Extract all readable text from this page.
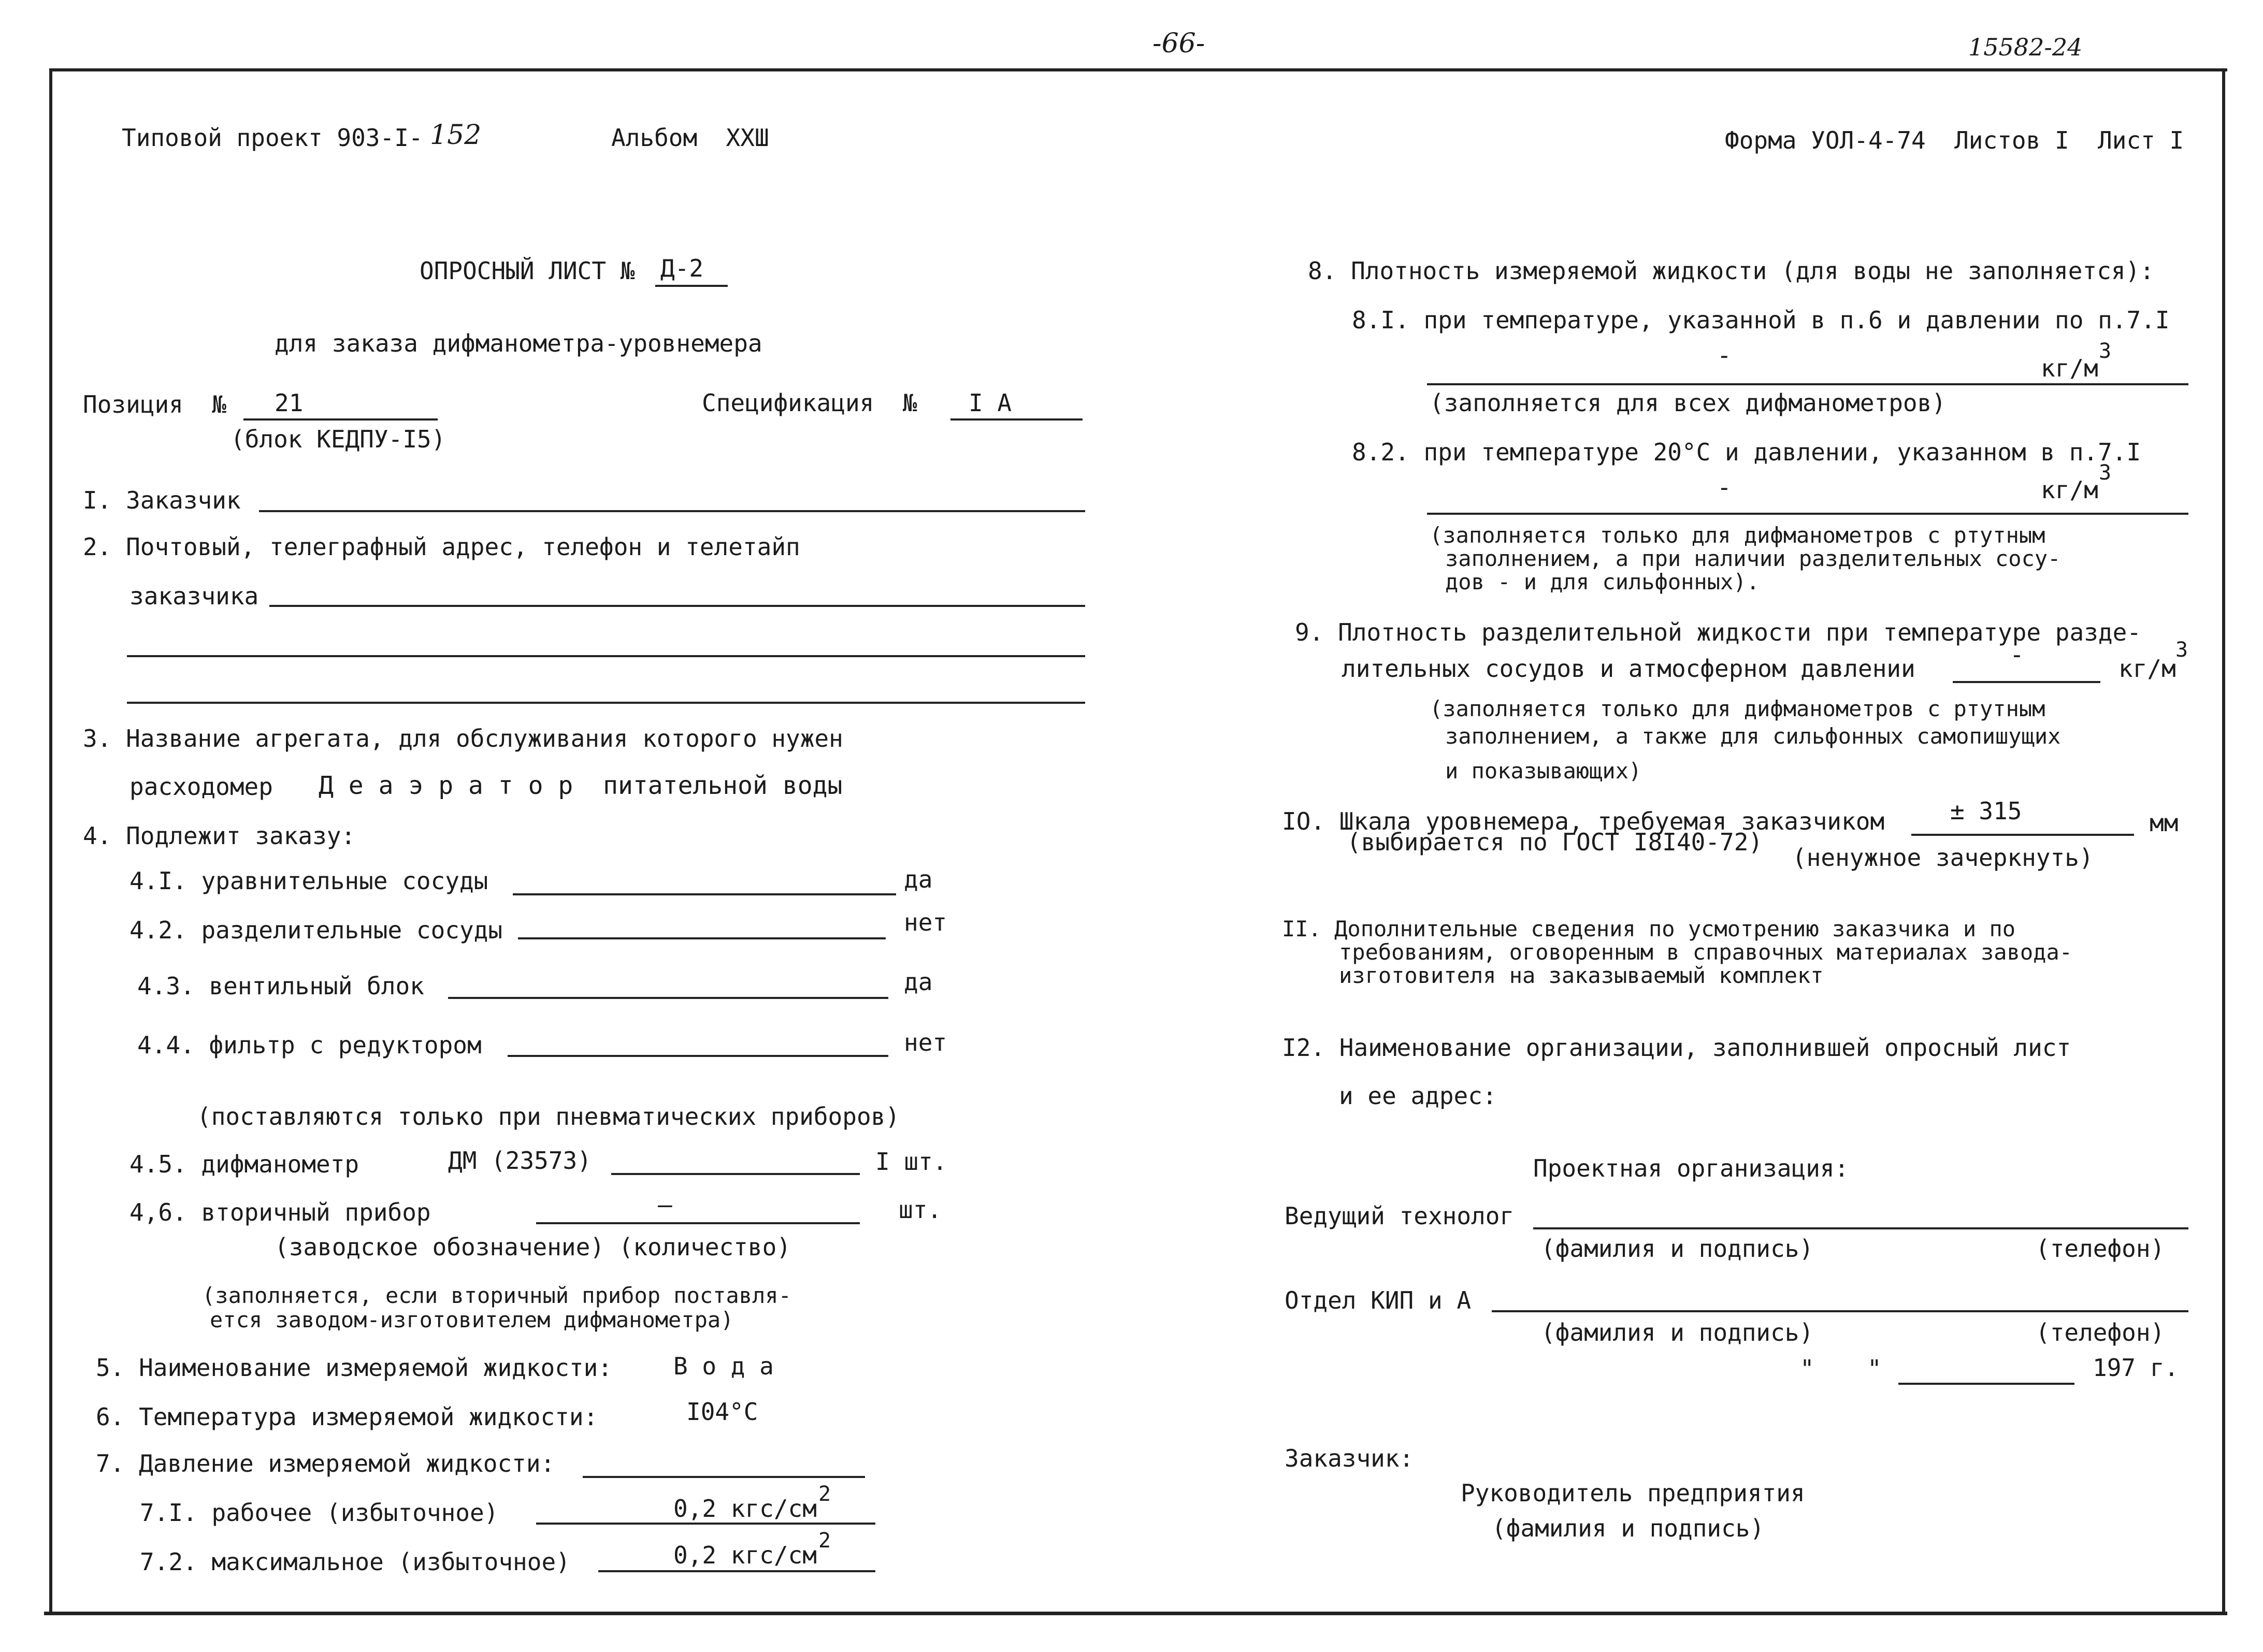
-66-	15582-24
Типовой проект 903-I- 152	Альбом  XXШ	Форма УОЛ-4-74  Листов I  Лист I
ОПРОСНЫЙ ЛИСТ № Д-2
для заказа дифманометра-уровнемера
Позиция  № 21
(блок КЕДПУ-I5)
Спецификация  № I А
I. Заказчик
2. Почтовый, телеграфный адрес, телефон и телетайп
заказчика
3. Название агрегата, для обслуживания которого нужен
расходомер Д е а э р а т о р  питательной воды
4. Подлежит заказу:
4.I. уравнительные сосуды	да
4.2. разделительные сосуды	нет
4.3. вентильный блок	да
4.4. фильтр с редуктором	нет
(поставляются только при пневматических приборов)
4.5. дифманометр	ДМ (23573)	I шт.
4,6. вторичный прибор	—	шт.
(заводское обозначение) (количество)
(заполняется, если вторичный прибор поставля-
ется заводом-изготовителем дифманометра)
5. Наименование измеряемой жидкости:	В о д а
6. Температура измеряемой жидкости:	I04°С
7. Давление измеряемой жидкости:
7.I. рабочее (избыточное)	0,2 кгс/см
2
7.2. максимальное (избыточное)	0,2 кгс/см
2
8. Плотность измеряемой жидкости (для воды не заполняется):
8.I. при температуре, указанной в п.6 и давлении по п.7.I
-	кг/м
3
(заполняется для всех дифманометров)
8.2. при температуре 20°С и давлении, указанном в п.7.I
-	кг/м
3
(заполняется только для дифманометров с ртутным
заполнением, а при наличии разделительных сосу-
дов - и для сильфонных).
9. Плотность разделительной жидкости при температуре разде-
лительных сосудов и атмосферном давлении	-	кг/м
3
(заполняется только для дифманометров с ртутным
заполнением, а также для сильфонных самопишущих
и показывающих)
IO. Шкала уровнемера, требуемая заказчиком	± 315	мм
(выбирается по ГОСТ I8I40-72)
(ненужное зачеркнуть)
II. Дополнительные сведения по усмотрению заказчика и по
требованиям, оговоренным в справочных материалах завода-
изготовителя на заказываемый комплект
I2. Наименование организации, заполнившей опросный лист
и ее адрес:
Проектная организация:
Ведущий технолог
(фамилия и подпись)	(телефон)
Отдел КИП и А
(фамилия и подпись)	(телефон)
" "	197 г.
Заказчик:
Руководитель предприятия
(фамилия и подпись)
